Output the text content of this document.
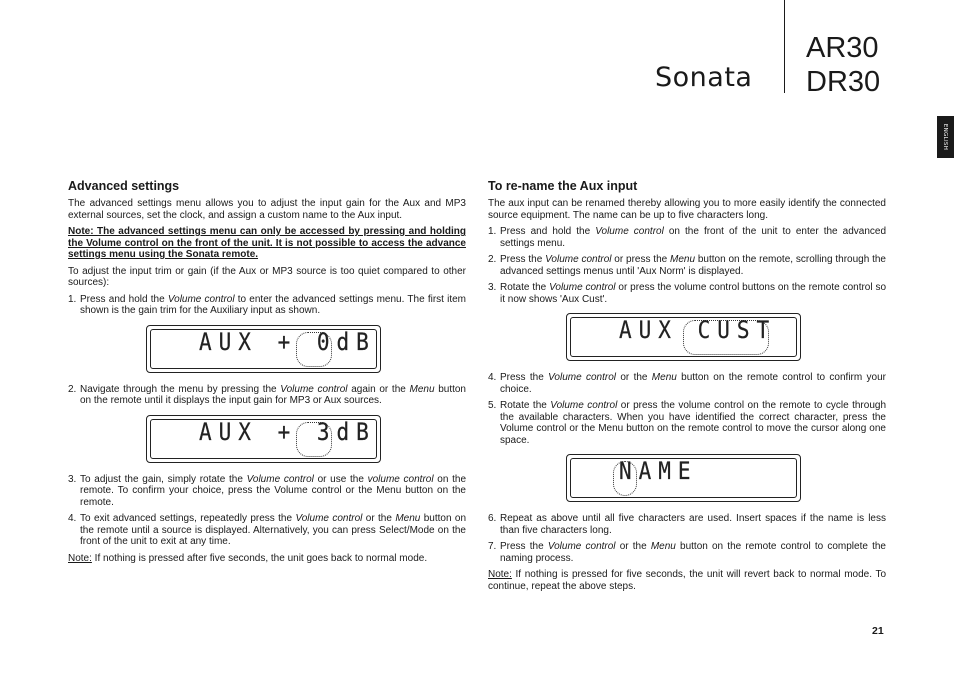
Sonata
AR30
DR30
ENGLISH
Advanced settings

The advanced settings menu allows you to adjust the input gain for the Aux and MP3 external sources, set the clock, and assign a custom name to the Aux input.

Note: The advanced settings menu can only be accessed by pressing and holding the Volume control on the front of the unit. It is not possible to access the advance settings menu using the Sonata remote.

To adjust the input trim or gain (if the Aux or MP3 source is too quiet compared to other sources):

1. Press and hold the Volume control to enter the advanced settings menu. The first item shown is the gain trim for the Auxiliary input as shown.
AUX + 0dB
2. Navigate through the menu by pressing the Volume control again or the Menu button on the remote until it displays the input gain for MP3 or Aux sources.
AUX + 3dB
3. To adjust the gain, simply rotate the Volume control or use the volume control on the remote. To confirm your choice, press the Volume control or the Menu button on the remote.
4. To exit advanced settings, repeatedly press the Volume control or the Menu button on the remote until a source is displayed. Alternatively, you can press Select/Mode on the front of the unit to exit at any time.

Note: If nothing is pressed after five seconds, the unit goes back to normal mode.

To re-name the Aux input

The aux input can be renamed thereby allowing you to more easily identify the connected source equipment. The name can be up to five characters long.

1. Press and hold the Volume control on the front of the unit to enter the advanced settings menu.
2. Press the Volume control or press the Menu button on the remote, scrolling through the advanced settings menus until 'Aux Norm' is displayed.
3. Rotate the Volume control or press the volume control buttons on the remote control so it now shows 'Aux Cust'.
AUX CUST
4. Press the Volume control or the Menu button on the remote control to confirm your choice.
5. Rotate the Volume control or press the volume control on the remote to cycle through the available characters. When you have identified the correct character, press the Volume control or the Menu button on the remote control to move the cursor along one space.
NAME
6. Repeat as above until all five characters are used. Insert spaces if the name is less than five characters long.
7. Press the Volume control or the Menu button on the remote control to complete the naming process.

Note: If nothing is pressed for five seconds, the unit will revert back to normal mode. To continue, repeat the above steps.

21
